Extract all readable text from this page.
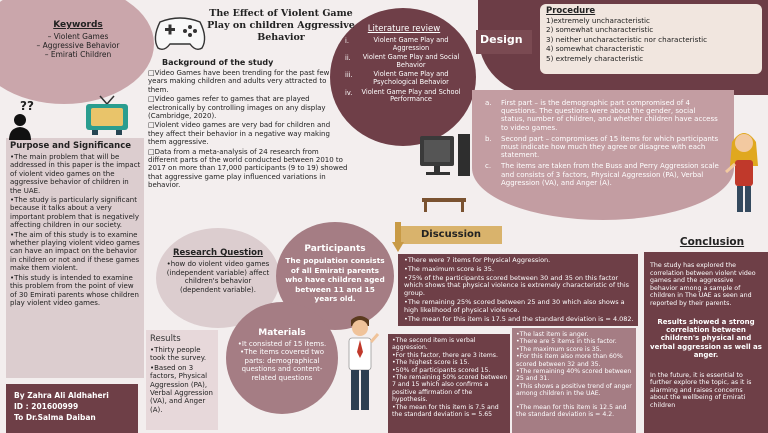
Keywords
– Violent Games
– Aggressive Behavior
– Emirati Children
??
Purpose and Significance
•The main problem that will be addressed in this paper is the impact of violent video games on the aggressive behavior of children in the UAE.
•The study is particularly significant because it talks about a very important problem that is negatively affecting children in our society.
•The aim of this study is to examine whether playing violent video games can have an impact on the behavior in children or not and if these games make them violent.
•This study is intended to examine this problem from the point of view of 30 Emirati parents whose children play violent video games.
By Zahra Ali Aldhaheri
ID : 201600999
To Dr.Salma Daiban
The Effect of Violent Game Play on children Aggressive Behavior
Background of the study
□Video Games have been trending for the past few years making children and adults very attracted to them.
□Video games refer to games that are played electronically by controlling images on any display (Cambridge, 2020).
□Violent video games are very bad for children and they affect their behavior in a negative way making them aggressive.
□Data from a meta-analysis of 24 research from different parts of the world conducted between 2010 to 2017 on more than 17,000 participants (9 to 19) showed that aggressive game play influenced variations in behavior.
Literature review
i.	Violent Game Play and Aggression
ii.	Violent Game Play and Social Behavior
iii.	Violent Game Play and Psychological Behavior
iv.	Violent Game Play and School Performance
Design
Procedure
1)extremely uncharacteristic
2) somewhat uncharacteristic
3) neither uncharacteristic nor characteristic
4) somewhat characteristic
5) extremely characteristic
a.	First part – is the demographic part compromised of 4 questions. The questions were about the gender, social status, number of children, and whether children have access to video games.
b.	Second part – compromises of 15 items for which participants must indicate how much they agree or disagree with each statement.
c.	The items are taken from the Buss and Perry Aggression scale and consists of 3 factors, Physical Aggression (PA), Verbal Aggression (VA), and Anger (A).
Research Question
•how do violent video games (independent variable) affect children's behavior (dependent variable).
Participants
The population consists of all Emirati parents who have children aged between 11 and 15 years old.
Results
•Thirty people took the survey.
•Based on 3 factors, Physical Aggression (PA), Verbal Aggression (VA), and Anger (A).
Materials
•It consisted of 15 items.
•The items covered two parts: demographical questions and content-related questions
Discussion
•There were 7 items for Physical Aggression.
•The maximum score is 35.
•75% of the participants scored between 30 and 35 on this factor which shows that physical violence is extremely characteristic of this group.
•The remaining 25% scored between 25 and 30 which also shows a high likelihood of physical violence.
•The mean for this item is 17.5 and the standard deviation is = 4.082.
•The second item is verbal aggression.
•For this factor, there are 3 items.
•The highest score is 15.
•50% of participants scored 15.
•The remaining 50% scored between 7 and 15 which also confirms a positive affirmation of the hypothesis.
•The mean for this item is 7.5 and the standard deviation is = 5.65
•The last item is anger.
•There are 5 items in this factor.
•The maximum score is 35.
•For this item also more than 60% scored between 32 and 35.
•The remaining 40% scored between 25 and 31.
•This shows a positive trend of anger among children in the UAE.
•The mean for this item is 12.5 and the standard deviation is = 4.2.
Conclusion
The study has explored the correlation between violent video games and the aggressive behavior among a sample of children in The UAE as seen and reported by their parents.
Results showed a strong correlation between children's physical and verbal aggression as well as anger.
In the future, it is essential to further explore the topic, as it is alarming and raises concerns about the wellbeing of Emirati children
